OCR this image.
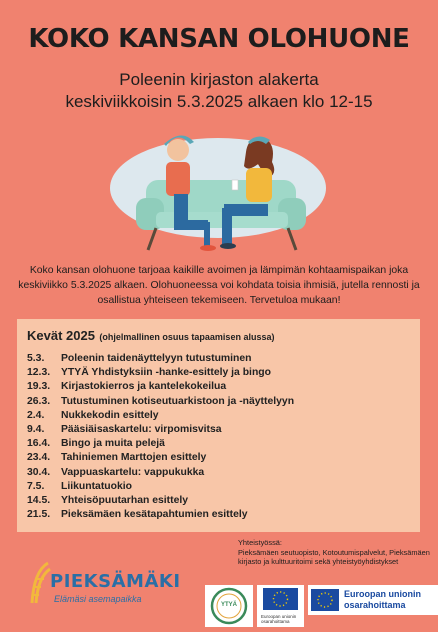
KOKO KANSAN OLOHUONE
Poleenin kirjaston alakerta
keskiviikkoisin 5.3.2025 alkaen klo 12-15
Koko kansan olohuone tarjoaa kaikille avoimen ja lämpimän kohtaamispaikan joka keskiviikko 5.3.2025 alkaen. Olohuoneessa voi kohdata toisia ihmisiä, jutella rennosti ja osallistua yhteiseen tekemiseen. Tervetuloa mukaan!
Kevät 2025 (ohjelmallinen osuus tapaamisen alussa)
5.3. Poleenin taidenäyttelyyn tutustuminen
12.3. YTYÄ Yhdistyksiin -hanke-esittely ja bingo
19.3. Kirjastokierros ja kantelekokeilua
26.3. Tutustuminen kotiseutuarkistoon ja -näyttelyyn
2.4. Nukkekodin esittely
9.4. Pääsiäisaskartelu: virpomisvitsa
16.4. Bingo ja muita pelejä
23.4. Tahiniemen Marttojen esittely
30.4. Vappuaskartelu: vappukukka
7.5. Liikuntatuokio
14.5. Yhteisöpuutarhan esittely
21.5. Pieksämäen kesätapahtumien esittely
PIEKSÄMÄKI
Elämäsi asemapaikka
Yhteistyössä:
Pieksämäen seutuopisto, Kotoutumispalvelut, Pieksämäen kirjasto ja kulttuuritoimi sekä yhteistyöyhdistykset
YTYÄ
Euroopan unionin osarahoittama
Euroopan unionin
osarahoittama
